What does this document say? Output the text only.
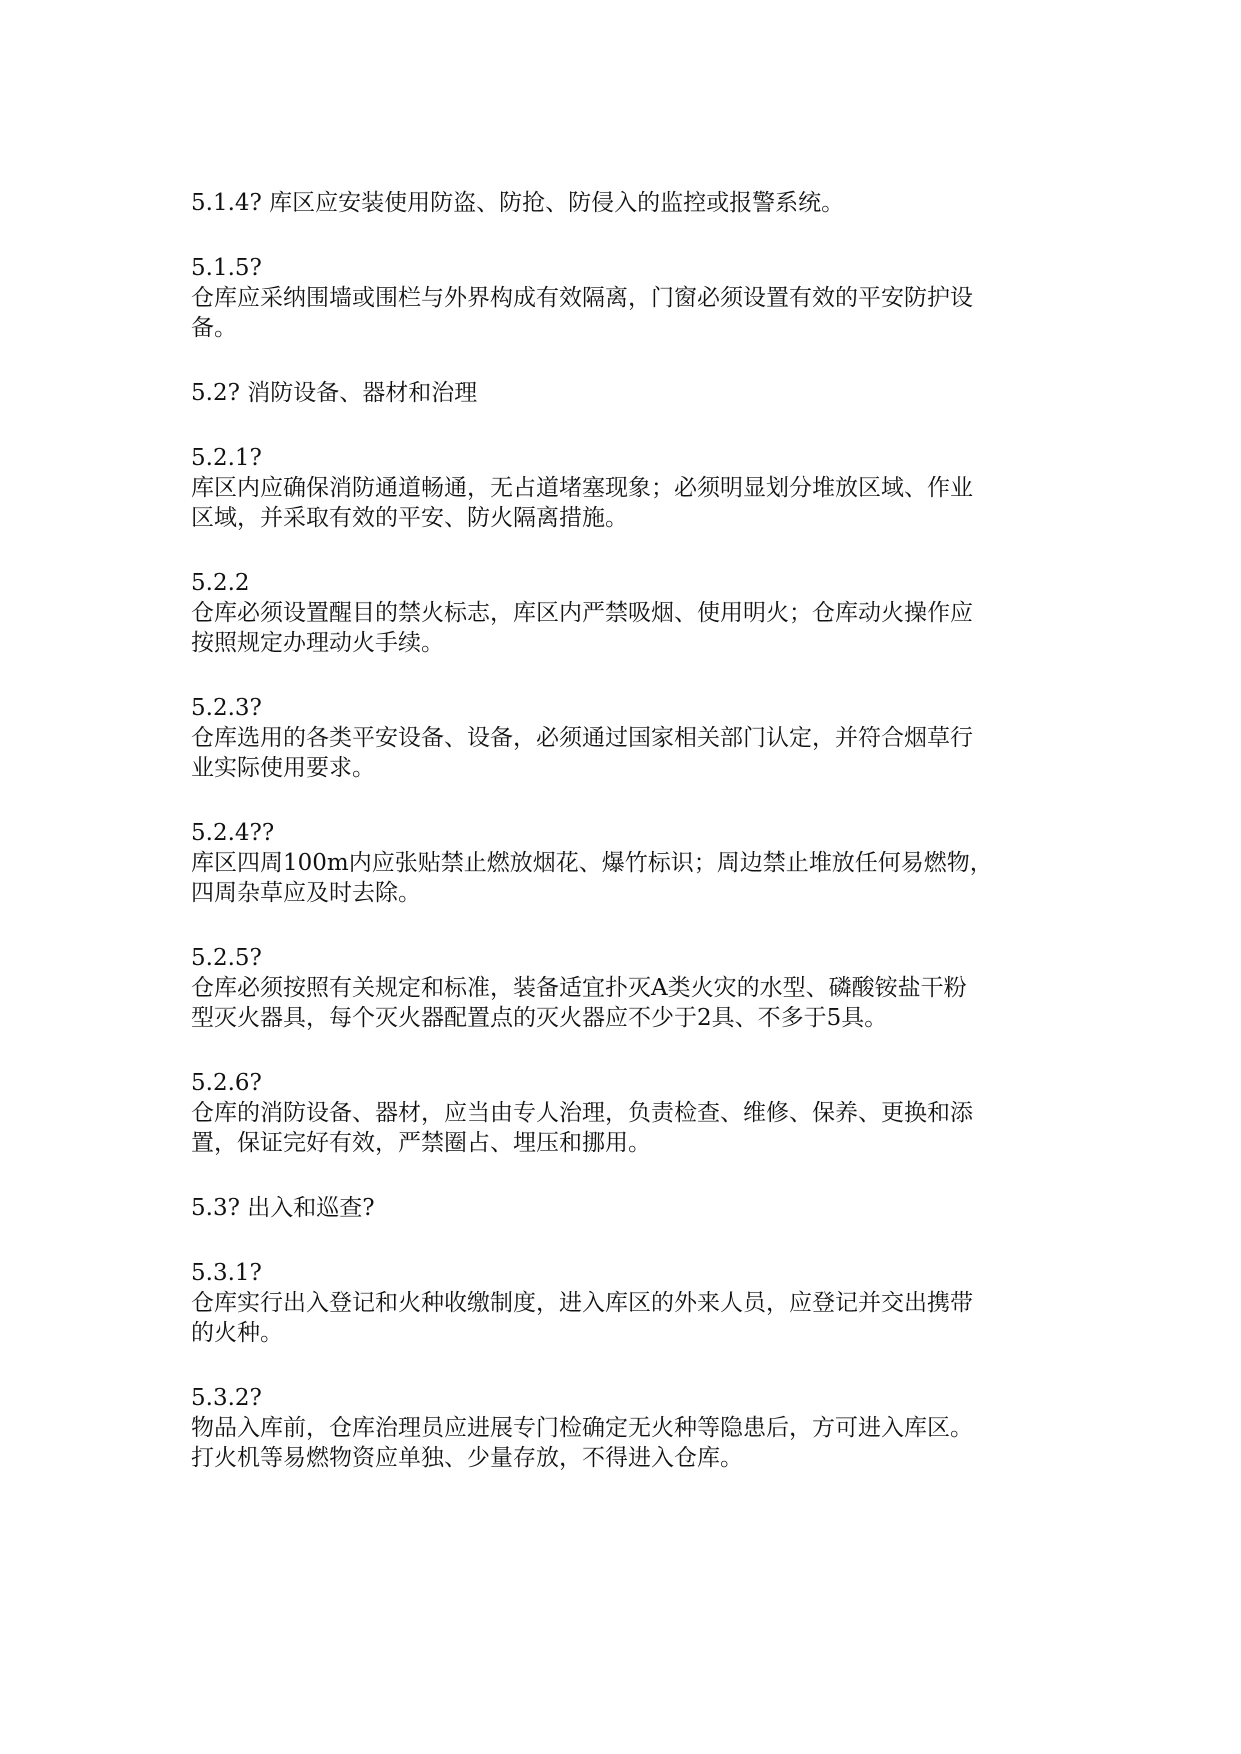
5.1.4? 库区应安装使用防盗、防抢、防侵入的监控或报警系统。
5.1.5?
仓库应采纳围墙或围栏与外界构成有效隔离，门窗必须设置有效的平安防护设
备。
5.2? 消防设备、器材和治理
5.2.1?
库区内应确保消防通道畅通，无占道堵塞现象；必须明显划分堆放区域、作业
区域，并采取有效的平安、防火隔离措施。
5.2.2
仓库必须设置醒目的禁火标志，库区内严禁吸烟、使用明火；仓库动火操作应
按照规定办理动火手续。
5.2.3?
仓库选用的各类平安设备、设备，必须通过国家相关部门认定，并符合烟草行
业实际使用要求。
5.2.4??
库区四周100m内应张贴禁止燃放烟花、爆竹标识；周边禁止堆放任何易燃物，
四周杂草应及时去除。
5.2.5?
仓库必须按照有关规定和标准，装备适宜扑灭A类火灾的水型、磷酸铵盐干粉
型灭火器具，每个灭火器配置点的灭火器应不少于2具、不多于5具。
5.2.6?
仓库的消防设备、器材，应当由专人治理，负责检查、维修、保养、更换和添
置，保证完好有效，严禁圈占、埋压和挪用。
5.3? 出入和巡查?
5.3.1?
仓库实行出入登记和火种收缴制度，进入库区的外来人员，应登记并交出携带
的火种。
5.3.2?
物品入库前，仓库治理员应进展专门检确定无火种等隐患后，方可进入库区。
打火机等易燃物资应单独、少量存放，不得进入仓库。
